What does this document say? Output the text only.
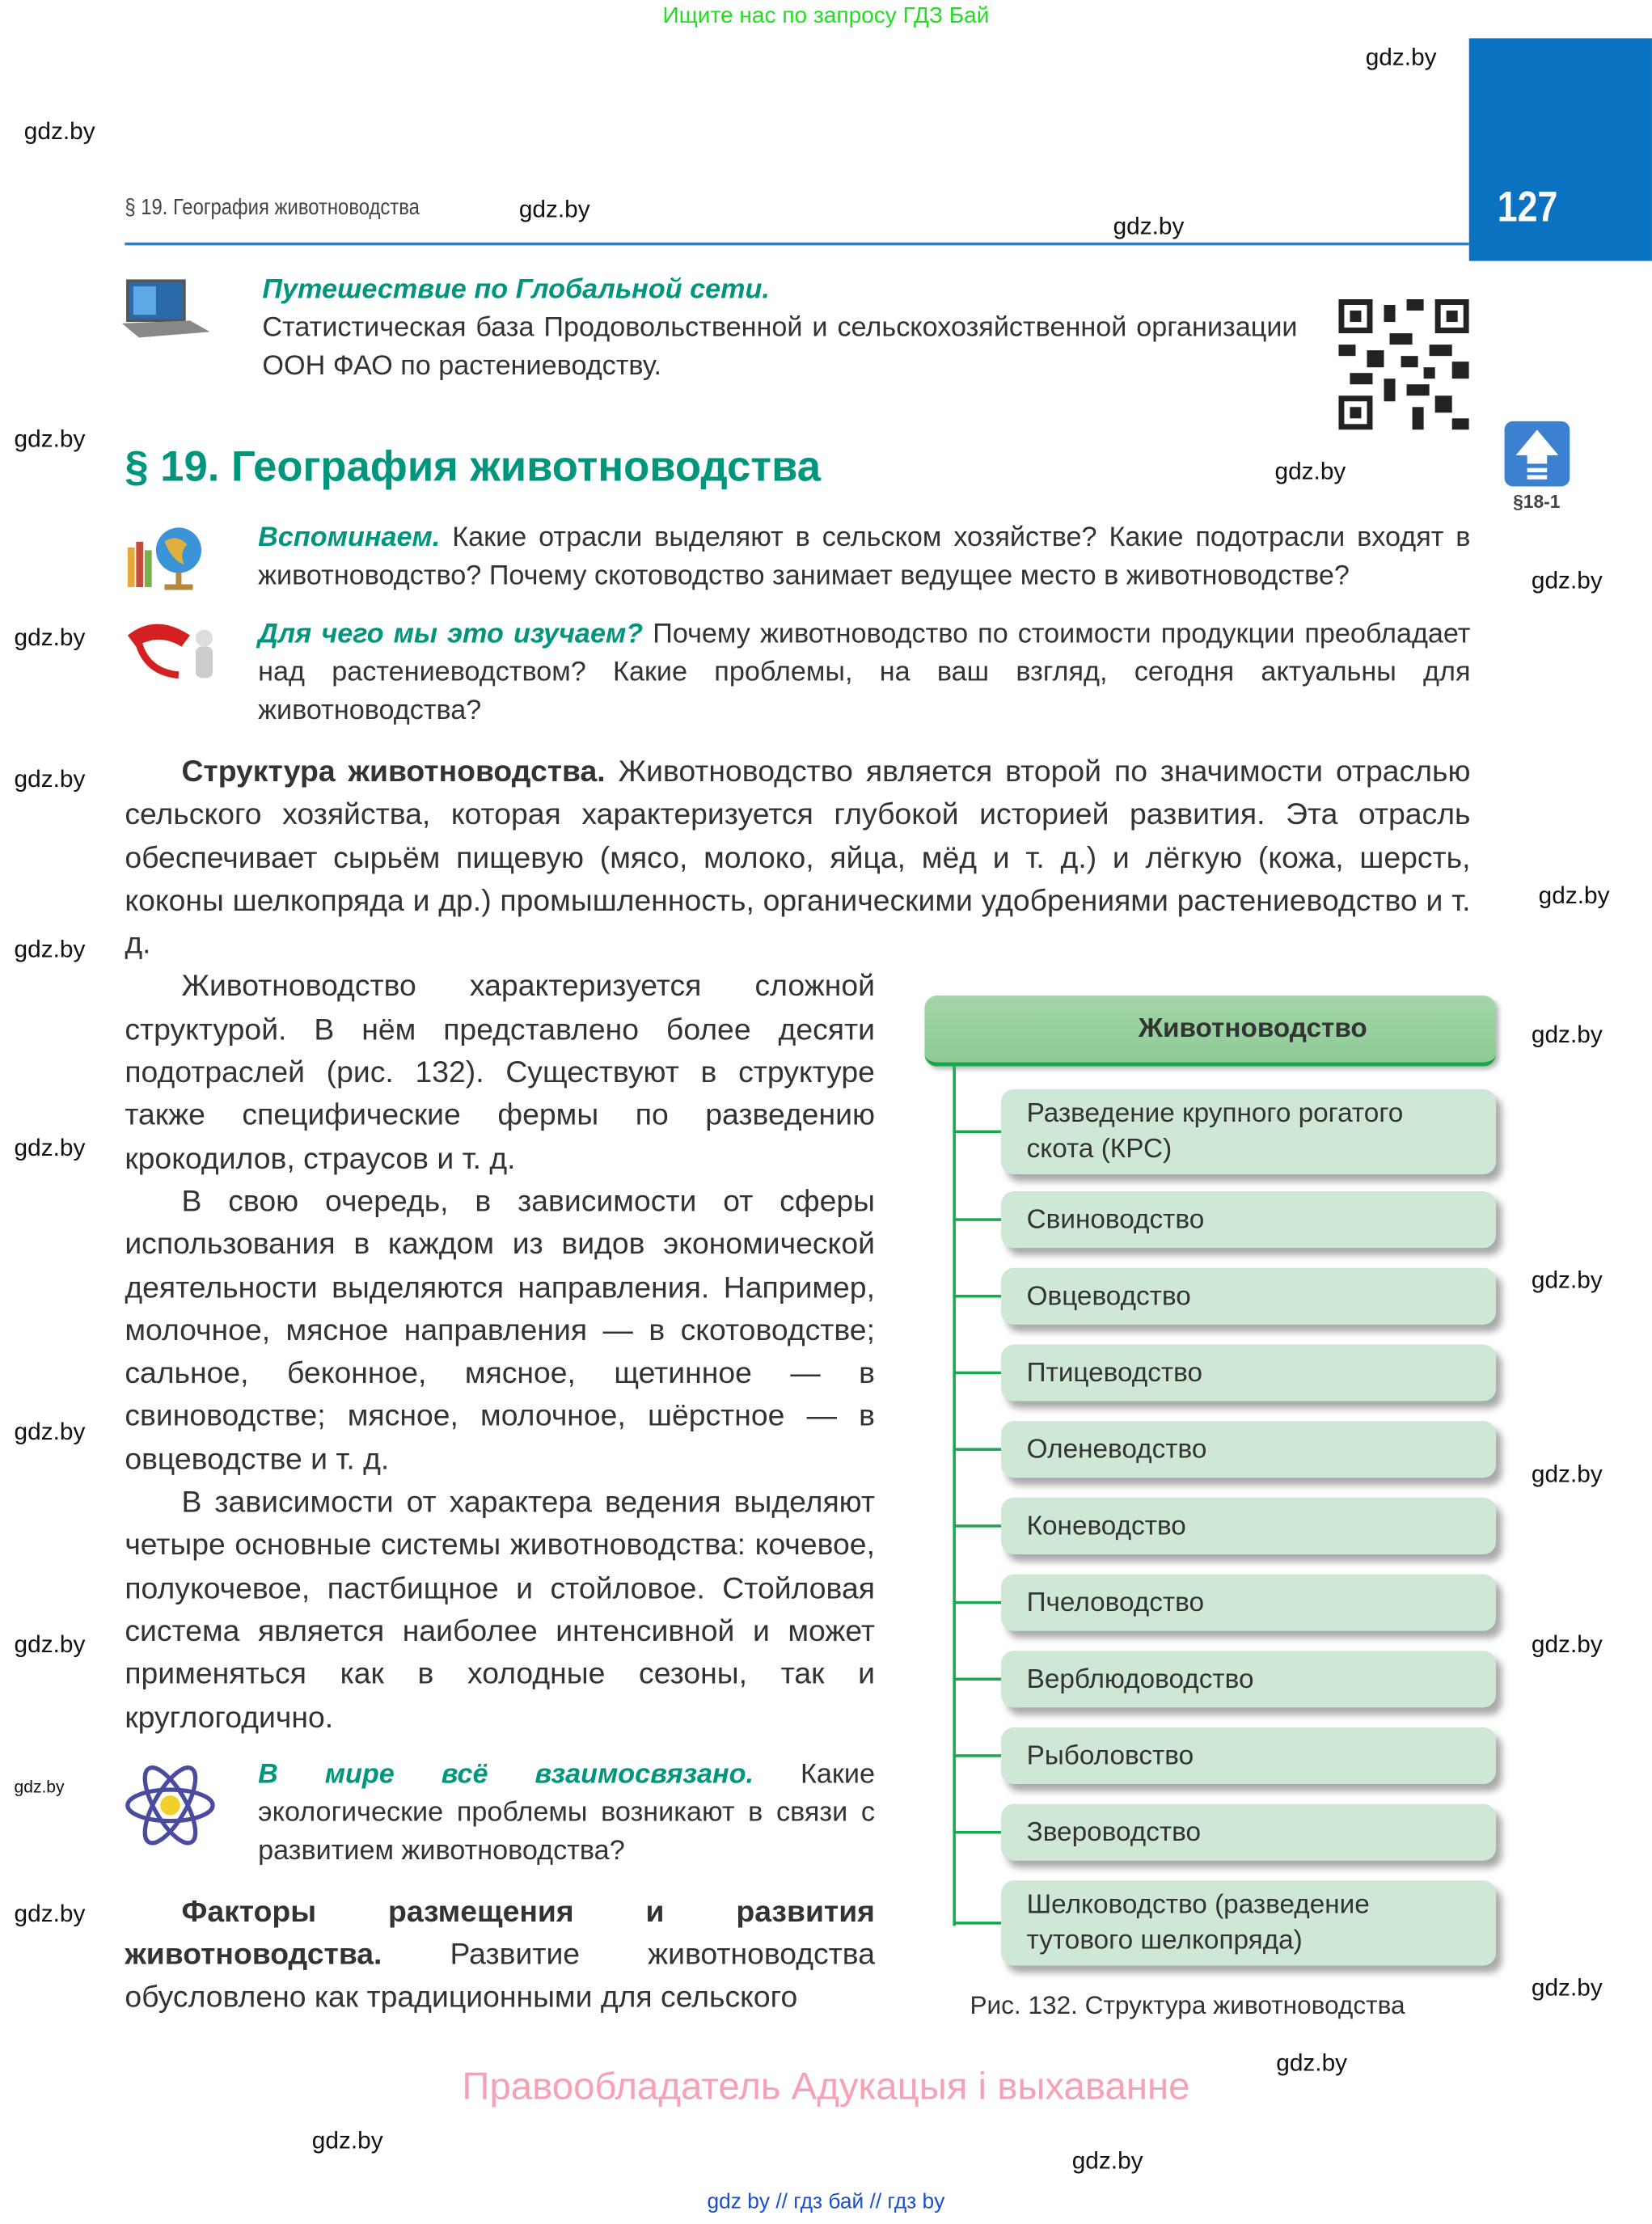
Ищите нас по запросу ГДЗ Бай
127
§ 19. География животноводства
Путешествие по Глобальной сети.
Статистическая база Продовольственной и сельскохозяйственной организации ООН ФАО по растениеводству.
§18-1
§ 19. География животноводства
Вспоминаем. Какие отрасли выделяют в сельском хозяйстве? Какие подотрасли входят в животноводство? Почему скотоводство занимает ведущее место в животноводстве?
Для чего мы это изучаем? Почему животноводство по стоимости продукции преобладает над растениеводством? Какие проблемы, на ваш взгляд, сегодня актуальны для животноводства?

Структура животноводства. Животноводство является второй по значимости отраслью сельского хозяйства, которая характеризуется глубокой историей развития. Эта отрасль обеспечивает сырьём пищевую (мясо, молоко, яйца, мёд и т. д.) и лёгкую (кожа, шерсть, коконы шелкопряда и др.) промышленность, органическими удобрениями растениеводство и т. д.

Животноводство характеризуется сложной структурой. В нём представлено более десяти подотраслей (рис. 132). Существуют в структуре также специфические фермы по разведению крокодилов, страусов и т. д.

В свою очередь, в зависимости от сферы использования в каждом из видов экономической деятельности выделяются направления. Например, молочное, мясное направления — в скотоводстве; сальное, беконное, мясное, щетинное — в свиноводстве; мясное, молочное, шёрстное — в овцеводстве и т. д.

В зависимости от характера ведения выделяют четыре основные системы животноводства: кочевое, полукочевое, пастбищное и стойловое. Стойловая система является наиболее интенсивной и может применяться как в холодные сезоны, так и круглогодично.

В мире всё взаимосвязано. Какие экологические проблемы возникают в связи с развитием животноводства?

Факторы размещения и развития животноводства. Развитие животноводства обусловлено как традиционными для сельского

Животноводство
Разведение крупного рогатого скота (КРС)
Свиноводство
Овцеводство
Птицеводство
Оленеводство
Коневодство
Пчеловодство
Верблюдоводство
Рыболовство
Звероводство
Шелководство (разведение тутового шелкопряда)
Рис. 132. Структура животноводства
Правообладатель Адукацыя і выхаванне
gdz by // гдз бай // гдз by
gdz.by
gdz.by
gdz.by
gdz.by
gdz.by
gdz.by
gdz.by
gdz.by
gdz.by
gdz.by
gdz.by
gdz.by
gdz.by
gdz.by
gdz.by
gdz.by
gdz.by
gdz.by
gdz.by
gdz.by
gdz.by
gdz.by
gdz.by
gdz.by
